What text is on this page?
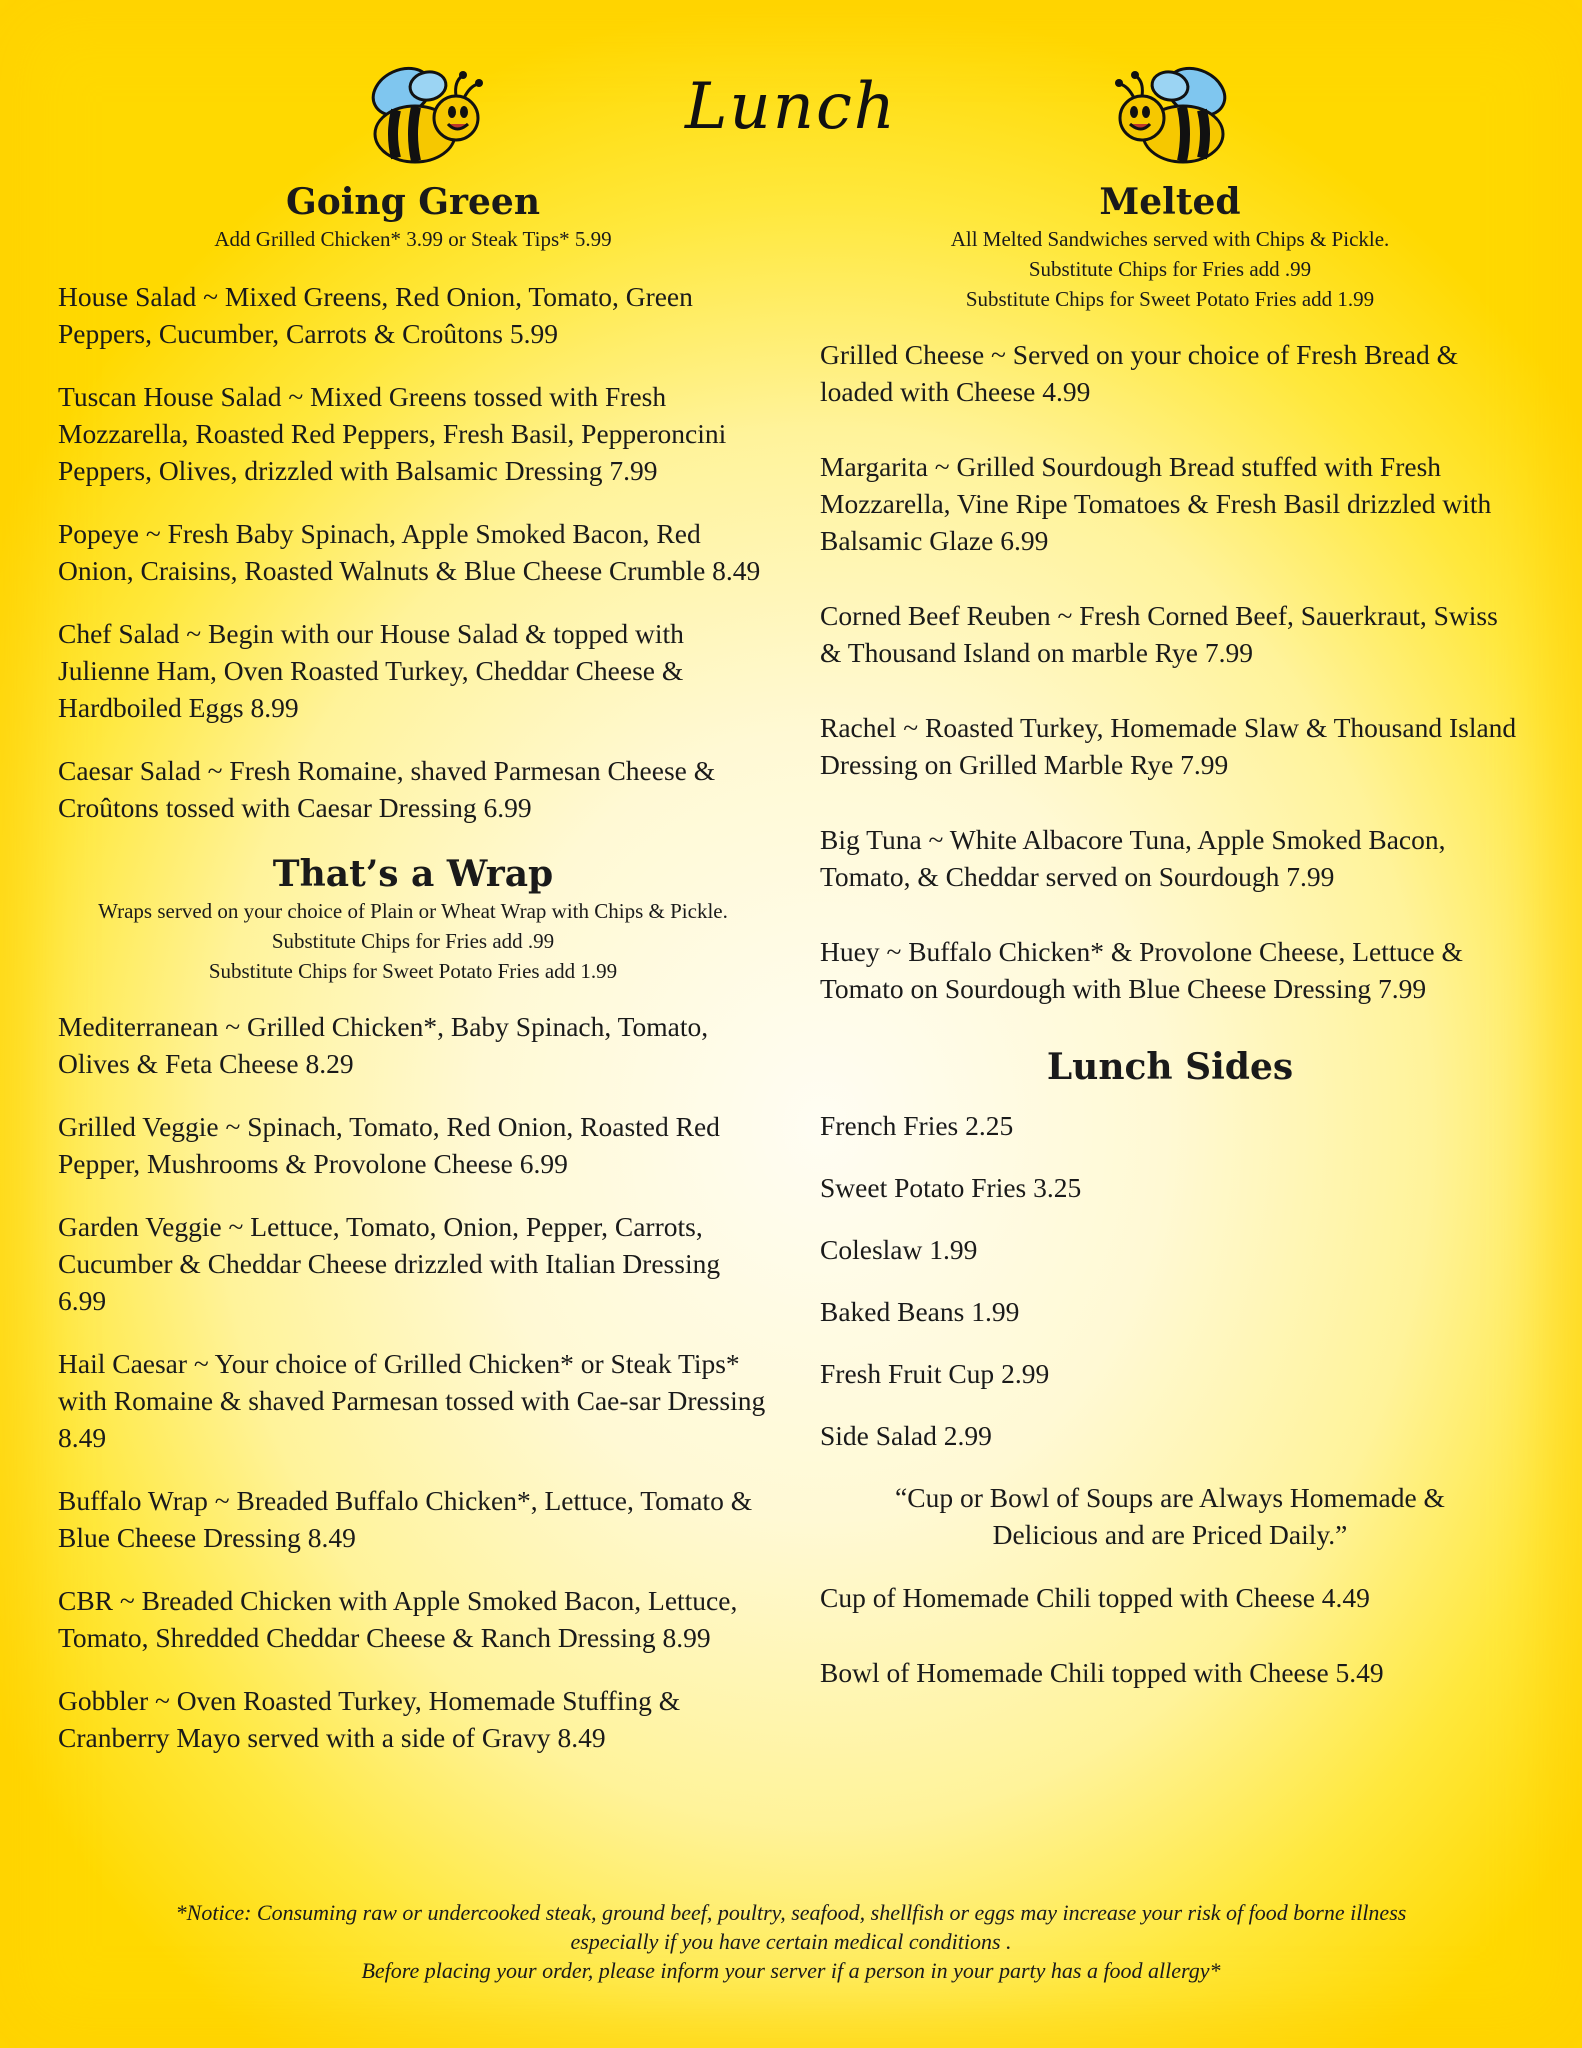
Lunch
Going Green

Add Grilled Chicken* 3.99 or Steak Tips* 5.99

House Salad ~ Mixed Greens, Red Onion, Tomato, Green Peppers, Cucumber, Carrots & Croûtons 5.99

Tuscan House Salad ~ Mixed Greens tossed with Fresh Mozzarella, Roasted Red Peppers, Fresh Basil, Pepperoncini Peppers, Olives, drizzled with Balsamic Dressing 7.99

Popeye ~ Fresh Baby Spinach, Apple Smoked Bacon, Red Onion, Craisins, Roasted Walnuts & Blue Cheese Crumble 8.49

Chef Salad ~ Begin with our House Salad & topped with Julienne Ham, Oven Roasted Turkey, Cheddar Cheese & Hardboiled Eggs 8.99

Caesar Salad ~ Fresh Romaine, shaved Parmesan Cheese & Croûtons tossed with Caesar Dressing 6.99

That’s a Wrap

Wraps served on your choice of Plain or Wheat Wrap with Chips & Pickle. Substitute Chips for Fries add .99

Substitute Chips for Sweet Potato Fries add 1.99

Mediterranean ~ Grilled Chicken*, Baby Spinach, Tomato, Olives & Feta Cheese 8.29

Grilled Veggie ~ Spinach, Tomato, Red Onion, Roasted Red Pepper, Mushrooms & Provolone Cheese 6.99

Garden Veggie ~ Lettuce, Tomato, Onion, Pepper, Carrots, Cucumber & Cheddar Cheese drizzled with Italian Dressing 6.99

Hail Caesar ~ Your choice of Grilled Chicken* or Steak Tips* with Romaine & shaved Parmesan tossed with Cae-sar Dressing 8.49

Buffalo Wrap ~ Breaded Buffalo Chicken*, Lettuce, Tomato & Blue Cheese Dressing 8.49

CBR ~ Breaded Chicken with Apple Smoked Bacon, Lettuce, Tomato, Shredded Cheddar Cheese & Ranch Dressing 8.99

Gobbler ~ Oven Roasted Turkey, Homemade Stuffing & Cranberry Mayo served with a side of Gravy 8.49

Melted

All Melted Sandwiches served with Chips & Pickle.

Substitute Chips for Fries add .99

Substitute Chips for Sweet Potato Fries add 1.99

Grilled Cheese ~ Served on your choice of Fresh Bread & loaded with Cheese 4.99

Margarita ~ Grilled Sourdough Bread stuffed with Fresh Mozzarella, Vine Ripe Tomatoes & Fresh Basil drizzled with Balsamic Glaze 6.99

Corned Beef Reuben ~ Fresh Corned Beef, Sauerkraut, Swiss & Thousand Island on marble Rye 7.99

Rachel ~ Roasted Turkey, Homemade Slaw & Thousand Island Dressing on Grilled Marble Rye 7.99

Big Tuna ~ White Albacore Tuna, Apple Smoked Bacon, Tomato, & Cheddar served on Sourdough 7.99

Huey ~ Buffalo Chicken* & Provolone Cheese, Lettuce & Tomato on Sourdough with Blue Cheese Dressing 7.99

Lunch Sides

French Fries 2.25

Sweet Potato Fries 3.25

Coleslaw 1.99

Baked Beans 1.99

Fresh Fruit Cup 2.99

Side Salad 2.99

“Cup or Bowl of Soups are Always Homemade & Delicious and are Priced Daily.”

Cup of Homemade Chili topped with Cheese 4.49

Bowl of Homemade Chili topped with Cheese 5.49

*Notice: Consuming raw or undercooked steak, ground beef, poultry, seafood, shellfish or eggs may increase your risk of food borne illness
especially if you have certain medical conditions .
Before placing your order, please inform your server if a person in your party has a food allergy*
